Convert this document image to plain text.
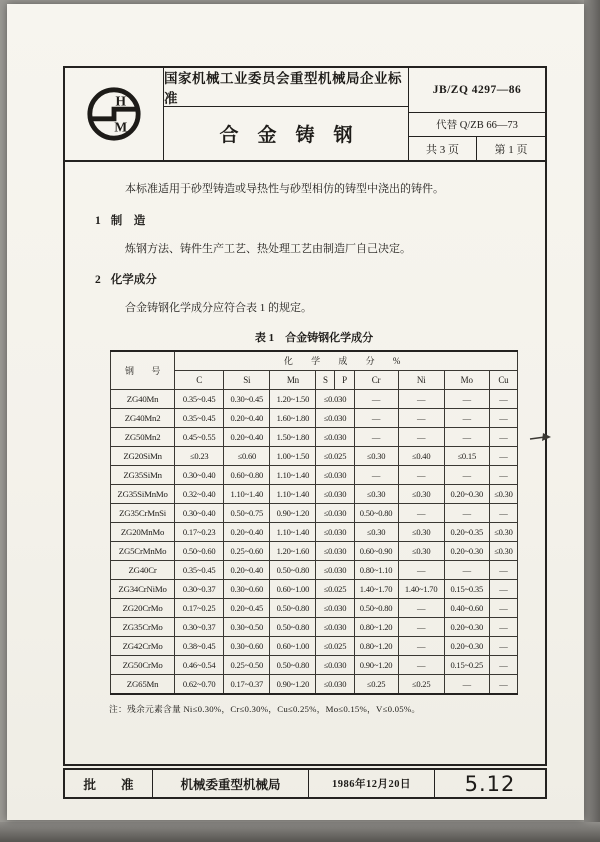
H
M
国家机械工业委员会重型机械局企业标准
合　金　铸　钢
JB/ZQ 4297—86
代替 Q/ZB 66—73
共 3 页	第 1 页

本标准适用于砂型铸造或导热性与砂型相仿的铸型中浇出的铸件。

1 制　造

炼钢方法、铸件生产工艺、热处理工艺由制造厂自己决定。

2 化学成分

合金铸钢化学成分应符合表 1 的规定。

表 1　合金铸钢化学成分
钢　　号	化 学 成 分 %								
	C	Si	Mn	S	P	Cr	Ni	Mo	Cu
ZG40Mn	0.35~0.45	0.30~0.45	1.20~1.50	≤0.030		—	—	—	—
ZG40Mn2	0.35~0.45	0.20~0.40	1.60~1.80	≤0.030		—	—	—	—
ZG50Mn2	0.45~0.55	0.20~0.40	1.50~1.80	≤0.030		—	—	—	—
ZG20SiMn	≤0.23	≤0.60	1.00~1.50	≤0.025		≤0.30	≤0.40	≤0.15	—
ZG35SiMn	0.30~0.40	0.60~0.80	1.10~1.40	≤0.030		—	—	—	—
ZG35SiMnMo	0.32~0.40	1.10~1.40	1.10~1.40	≤0.030		≤0.30	≤0.30	0.20~0.30	≤0.30
ZG35CrMnSi	0.30~0.40	0.50~0.75	0.90~1.20	≤0.030		0.50~0.80	—	—	—
ZG20MnMo	0.17~0.23	0.20~0.40	1.10~1.40	≤0.030		≤0.30	≤0.30	0.20~0.35	≤0.30
ZG5CrMnMo	0.50~0.60	0.25~0.60	1.20~1.60	≤0.030		0.60~0.90	≤0.30	0.20~0.30	≤0.30
ZG40Cr	0.35~0.45	0.20~0.40	0.50~0.80	≤0.030		0.80~1.10	—	—	—
ZG34CrNiMo	0.30~0.37	0.30~0.60	0.60~1.00	≤0.025		1.40~1.70	1.40~1.70	0.15~0.35	—
ZG20CrMo	0.17~0.25	0.20~0.45	0.50~0.80	≤0.030		0.50~0.80	—	0.40~0.60	—
ZG35CrMo	0.30~0.37	0.30~0.50	0.50~0.80	≤0.030		0.80~1.20	—	0.20~0.30	—
ZG42CrMo	0.38~0.45	0.30~0.60	0.60~1.00	≤0.025		0.80~1.20	—	0.20~0.30	—
ZG50CrMo	0.46~0.54	0.25~0.50	0.50~0.80	≤0.030		0.90~1.20	—	0.15~0.25	—
ZG65Mn	0.62~0.70	0.17~0.37	0.90~1.20	≤0.030		≤0.25	≤0.25	—	—

注：残余元素含量 Ni≤0.30%，Cr≤0.30%，Cu≤0.25%，Mo≤0.15%，V≤0.05%。

批　　准	机械委重型机械局	1986年12月20日	5.12
